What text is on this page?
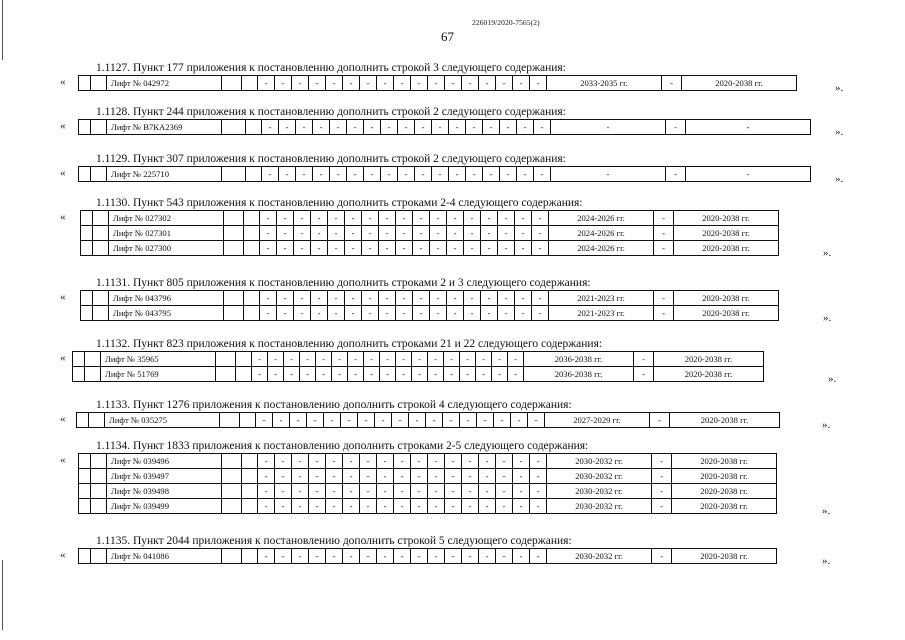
226019/2020-7565(2)
67
1.1127. Пункт 177 приложения к постановлению дополнить строкой 3 следующего содержания:
«
			Лифт № 042972			-	-	-	-	-	-	-	-	-	-	-	-	-	-	-	-	-	2033-2035 гг.	-	2020-2038 гг.	».
1.1128. Пункт 244 приложения к постановлению дополнить строкой 2 следующего содержания:
«
			Лифт № В7КА2369			-	-	-	-	-	-	-	-	-	-	-	-	-	-	-	-	-	-	-	-	».
1.1129. Пункт 307 приложения к постановлению дополнить строкой 2 следующего содержания:
«
			Лифт № 225710			-	-	-	-	-	-	-	-	-	-	-	-	-	-	-	-	-	-	-	-	».
1.1130. Пункт 543 приложения к постановлению дополнить строками 2-4 следующего содержания:
«
			Лифт № 027302			-	-	-	-	-	-	-	-	-	-	-	-	-	-	-	-	-	2024-2026 гг.	-	2020-2038 гг.
		Лифт № 027301			-	-	-	-	-	-	-	-	-	-	-	-	-	-	-	-	-	2024-2026 гг.	-	2020-2038 гг.
		Лифт № 027300			-	-	-	-	-	-	-	-	-	-	-	-	-	-	-	-	-	2024-2026 гг.	-	2020-2038 гг.	».
1.1131. Пункт 805 приложения к постановлению дополнить строками 2 и 3 следующего содержания:
«
			Лифт № 043796			-	-	-	-	-	-	-	-	-	-	-	-	-	-	-	-	-	2021-2023 гг.	-	2020-2038 гг.
		Лифт № 043795			-	-	-	-	-	-	-	-	-	-	-	-	-	-	-	-	-	2021-2023 гг.	-	2020-2038 гг.	».
1.1132. Пункт 823 приложения к постановлению дополнить строками 21 и 22 следующего содержания:
«
			Лифт № 35965			-	-	-	-	-	-	-	-	-	-	-	-	-	-	-	-	-	2036-2038 гг.	-	2020-2038 гг.
		Лифт № 51769			-	-	-	-	-	-	-	-	-	-	-	-	-	-	-	-	-	2036-2038 гг.	-	2020-2038 гг.	».
1.1133. Пункт 1276 приложения к постановлению дополнить строкой 4 следующего содержания:
«
			Лифт № 035275			-	-	-	-	-	-	-	-	-	-	-	-	-	-	-	-	-	2027-2029 гг.	-	2020-2038 гг.	».
1.1134. Пункт 1833 приложения к постановлению дополнить строками 2-5 следующего содержания:
«
			Лифт № 039496			-	-	-	-	-	-	-	-	-	-	-	-	-	-	-	-	-	2030-2032 гг.	-	2020-2038 гг.
		Лифт № 039497			-	-	-	-	-	-	-	-	-	-	-	-	-	-	-	-	-	2030-2032 гг.	-	2020-2038 гг.
		Лифт № 039498			-	-	-	-	-	-	-	-	-	-	-	-	-	-	-	-	-	2030-2032 гг.	-	2020-2038 гг.
		Лифт № 039499			-	-	-	-	-	-	-	-	-	-	-	-	-	-	-	-	-	2030-2032 гг.	-	2020-2038 гг.	».
1.1135. Пункт 2044 приложения к постановлению дополнить строкой 5 следующего содержания:
«
			Лифт № 041086			-	-	-	-	-	-	-	-	-	-	-	-	-	-	-	-	-	2030-2032 гг.	-	2020-2038 гг.	».
